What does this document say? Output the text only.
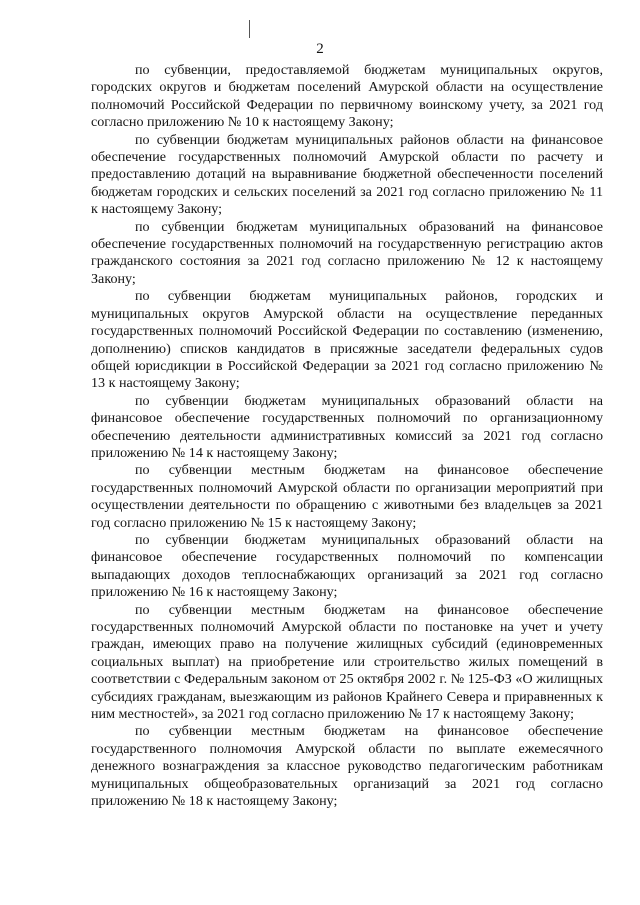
2

по субвенции, предоставляемой бюджетам муниципальных округов, городских округов и бюджетам поселений Амурской области на осуществление полномочий Российской Федерации по первичному воинскому учету, за 2021 год согласно приложению № 10 к настоящему Закону;

по субвенции бюджетам муниципальных районов области на финансовое обеспечение государственных полномочий Амурской области по расчету и предоставлению дотаций на выравнивание бюджетной обеспеченности поселений бюджетам городских и сельских поселений за 2021 год согласно приложению № 11 к настоящему Закону;

по субвенции бюджетам муниципальных образований на финансовое обеспечение государственных полномочий на государственную регистрацию актов гражданского состояния за 2021 год согласно приложению № 12 к настоящему Закону;

по субвенции бюджетам муниципальных районов, городских и муниципальных округов Амурской области на осуществление переданных государственных полномочий Российской Федерации по составлению (изменению, дополнению) списков кандидатов в присяжные заседатели федеральных судов общей юрисдикции в Российской Федерации за 2021 год согласно приложению № 13 к настоящему Закону;

по субвенции бюджетам муниципальных образований области на финансовое обеспечение государственных полномочий по организационному обеспечению деятельности административных комиссий за 2021 год согласно приложению № 14 к настоящему Закону;

по субвенции местным бюджетам на финансовое обеспечение государственных полномочий Амурской области по организации мероприятий при осуществлении деятельности по обращению с животными без владельцев за 2021 год согласно приложению № 15 к настоящему Закону;

по субвенции бюджетам муниципальных образований области на финансовое обеспечение государственных полномочий по компенсации выпадающих доходов теплоснабжающих организаций за 2021 год согласно приложению № 16 к настоящему Закону;

по субвенции местным бюджетам на финансовое обеспечение государственных полномочий Амурской области по постановке на учет и учету граждан, имеющих право на получение жилищных субсидий (единовременных социальных выплат) на приобретение или строительство жилых помещений в соответствии с Федеральным законом от 25 октября 2002 г. № 125-ФЗ «О жилищных субсидиях гражданам, выезжающим из районов Крайнего Севера и приравненных к ним местностей», за 2021 год согласно приложению № 17 к настоящему Закону;

по субвенции местным бюджетам на финансовое обеспечение государственного полномочия Амурской области по выплате ежемесячного денежного вознаграждения за классное руководство педагогическим работникам муниципальных общеобразовательных организаций за 2021 год согласно приложению № 18 к настоящему Закону;
